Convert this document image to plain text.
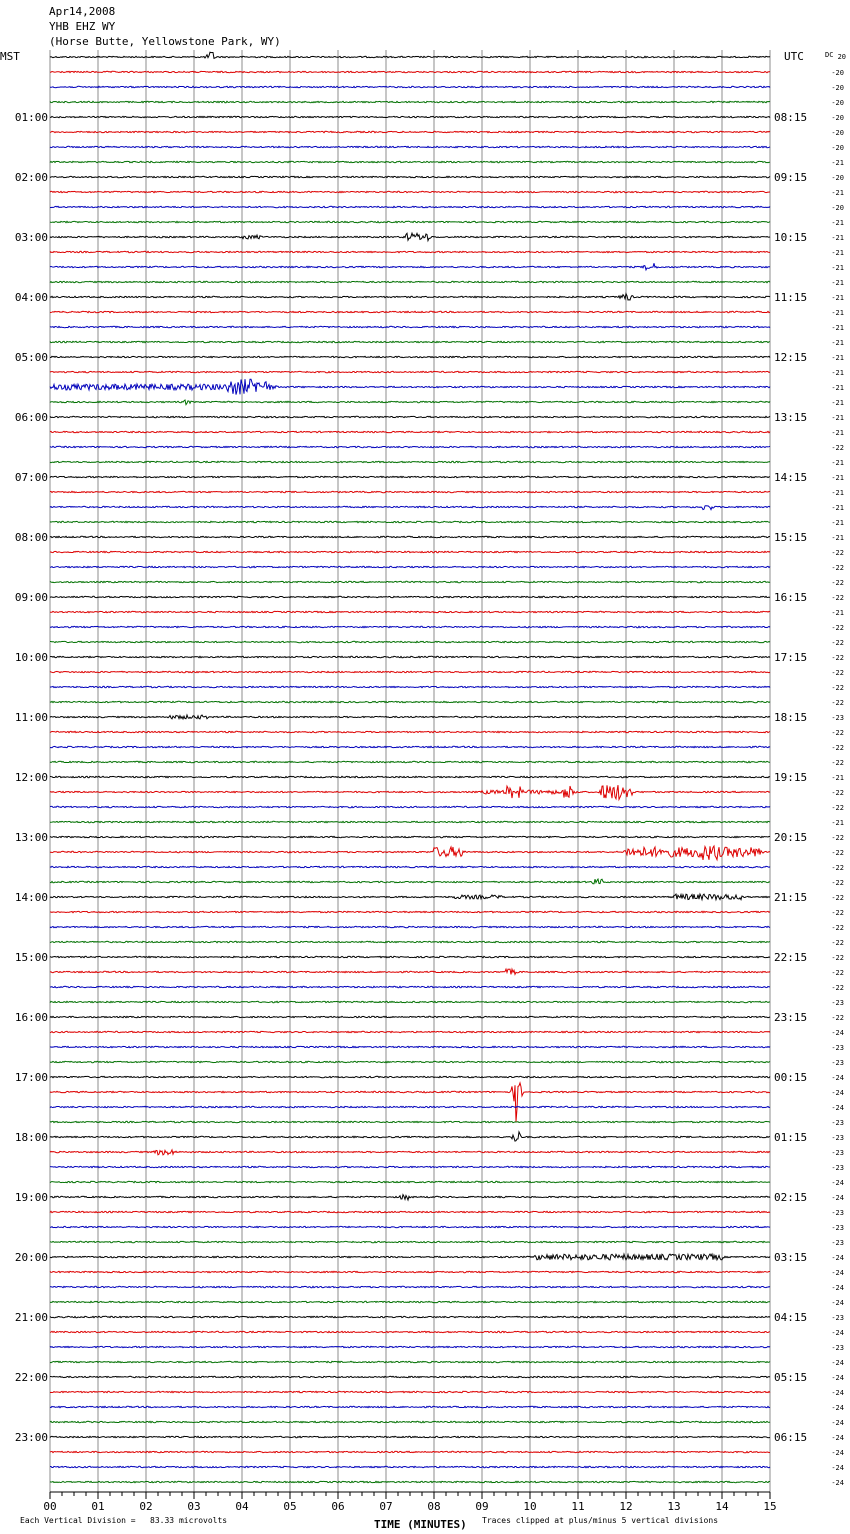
Apr14,2008
YHB EHZ WY
(Horse Butte, Yellowstone Park, WY)
01:00	08:15
02:00	09:15
03:00	10:15
04:00	11:15
05:00	12:15
06:00	13:15
07:00	14:15
08:00	15:15
09:00	16:15
10:00	17:15
11:00	18:15
12:00	19:15
13:00	20:15
14:00	21:15
15:00	22:15
16:00	23:15
17:00	00:15
18:00	01:15
19:00	02:15
20:00	03:15
21:00	04:15
22:00	05:15
23:00	06:15
MST	UTC	DC 20
-20
-20
-20
-20
-20
-20
-21
-20
-21
-20
-21
-21
-21
-21
-21
-21
-21
-21
-21
-21
-21
-21
-21
-21
-21
-22
-21
-21
-21
-21
-21
-21
-22
-22
-22
-22
-21
-22
-22
-22
-22
-22
-22
-23
-22
-22
-22
-21
-22
-22
-21
-22
-22
-22
-22
-22
-22
-22
-22
-22
-22
-22
-23
-22
-24
-23
-23
-24
-24
-24
-23
-23
-23
-23
-24
-24
-23
-23
-23
-24
-24
-24
-24
-23
-24
-23
-24
-24
-24
-24
-24
-24
-24
-24
-24
00	01	02	03	04	05	06	07	08	09	10	11	12	13	14	15
Each Vertical Division =   83.33 microvolts	TIME (MINUTES) Traces clipped at plus/minus 5 vertical divisions
